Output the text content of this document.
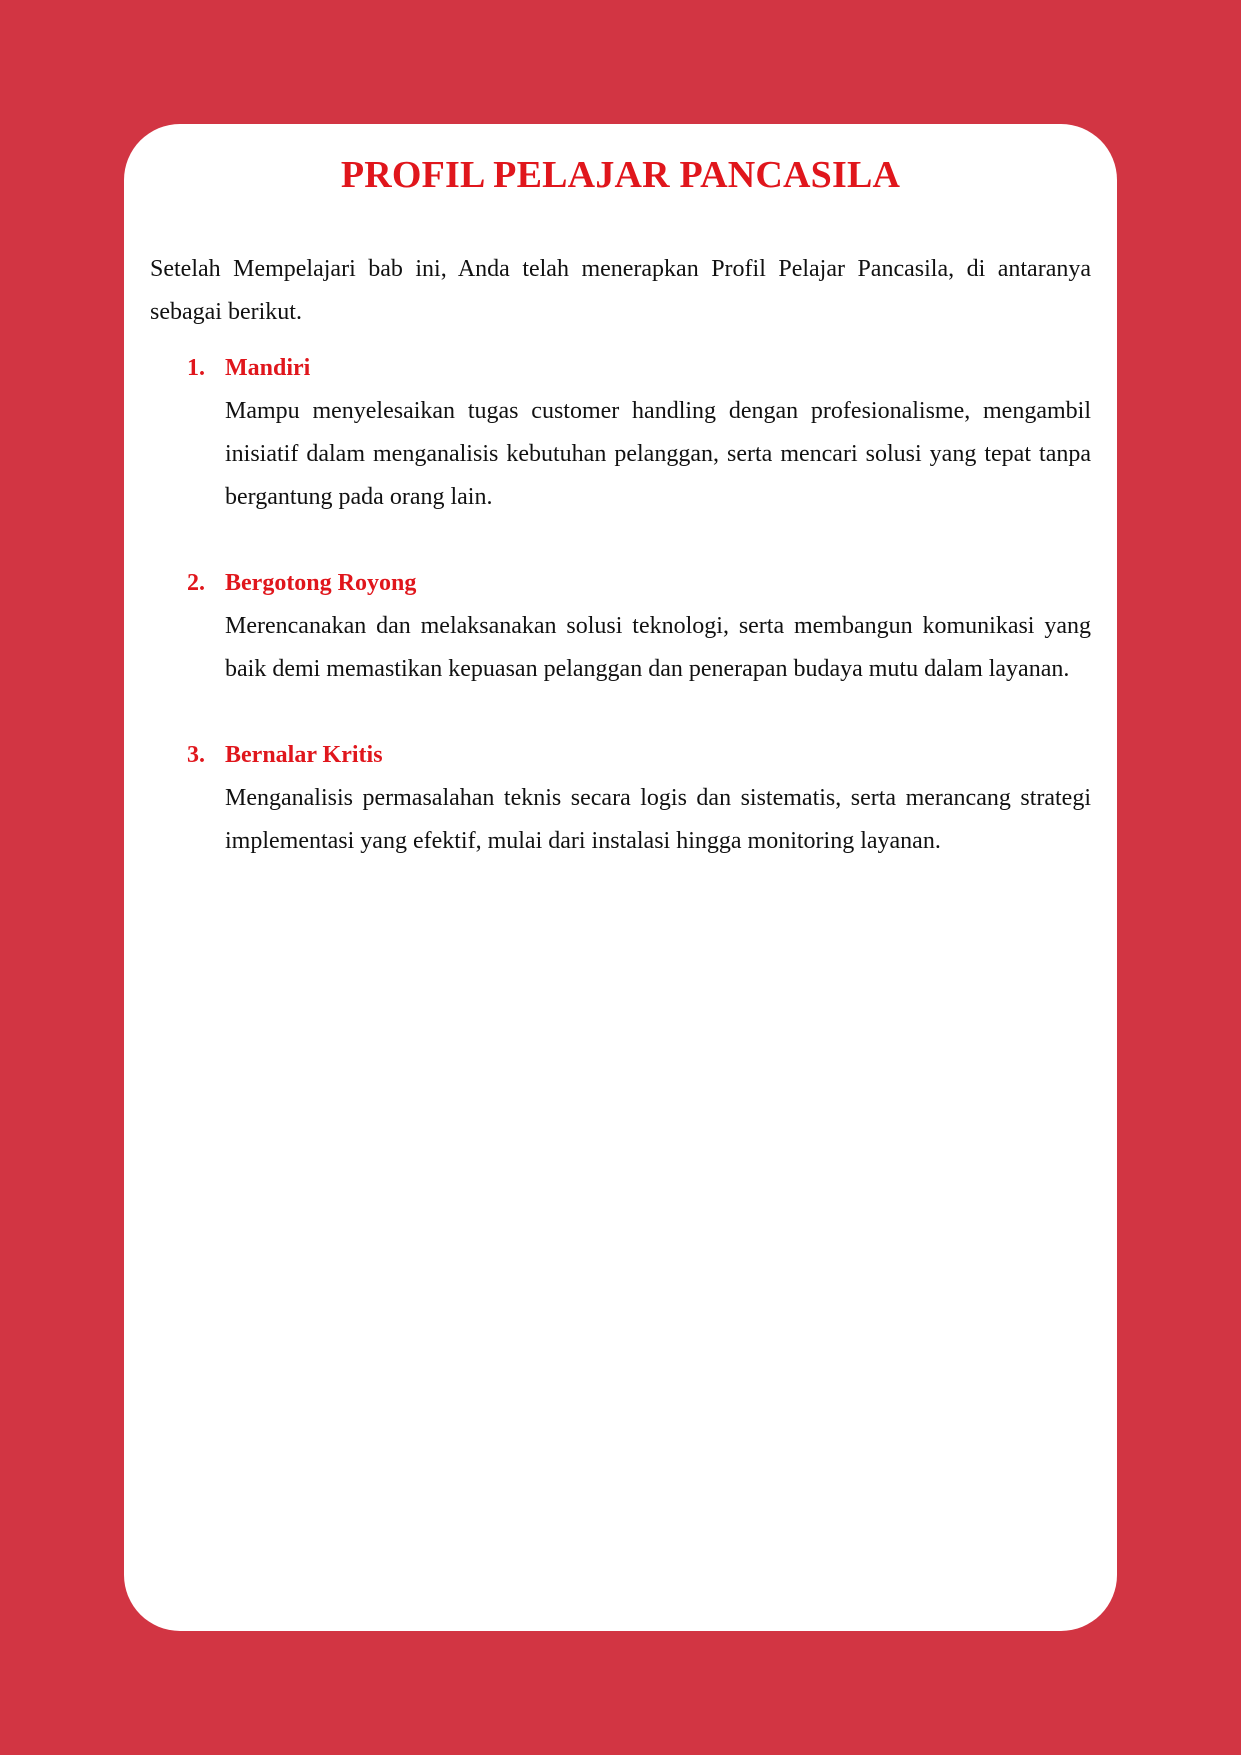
PROFIL PELAJAR PANCASILA

Setelah Mempelajari bab ini, Anda telah menerapkan Profil Pelajar Pancasila, di antaranya sebagai berikut.

1. Mandiri

Mampu menyelesaikan tugas customer handling dengan profesionalisme, mengambil inisiatif dalam menganalisis kebutuhan pelanggan, serta mencari solusi yang tepat tanpa bergantung pada orang lain.

2. Bergotong Royong

Merencanakan dan melaksanakan solusi teknologi, serta membangun komunikasi yang baik demi memastikan kepuasan pelanggan dan penerapan budaya mutu dalam layanan.

3. Bernalar Kritis

Menganalisis permasalahan teknis secara logis dan sistematis, serta merancang strategi implementasi yang efektif, mulai dari instalasi hingga monitoring layanan.
